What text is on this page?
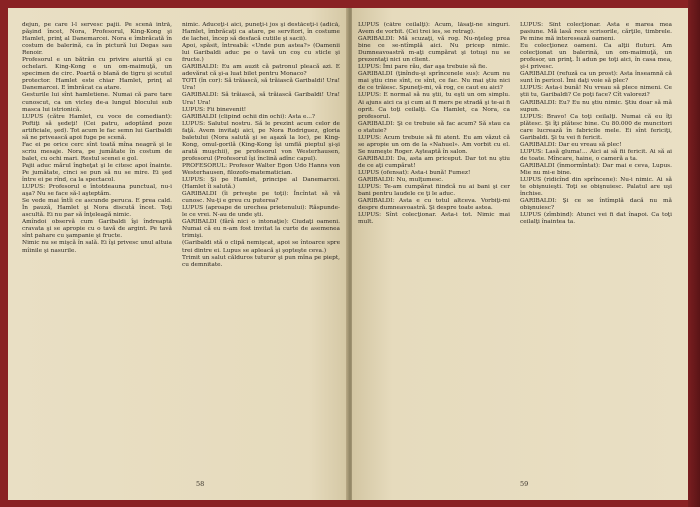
dejun, pe care l-l servesc pajii. Pe scenă intră, păşind încet, Nora, Profesorul, King-Kong şi Hamlet, prinţ al Danemarcei. Nora e îmbrăcată în costum de balerină, ca în pictură lui Degas sau Renoir.

Profesorul e un bătrân cu privire aiurită şi cu ochelari. King-Kong e un om-maimuţă, un specimen de circ. Poartă o blană de tigru şi scutul protector. Hamlet este chiar Hamlet, prinţ al Danemarcei. E îmbrăcat ca atare.

Gesturile lui sînt hamletiene. Numai că pare tare cunoscut, ca un vicleş de-a lungul blocului sub masca lui istrionică.

LUPUS (către Hamlet, cu voce de comediant): Poftiţi să şedeţi! (Cei patru, adoptând poze artificiale, şed). Tot acum le fac semn lui Garibaldi să ne privească apoi fuge pe scenă.

Fac ei pe orice cerc sînt toată mîna neagră şi le scriu mesaje. Nora, pe jumătate în costum de balet, cu ochi mari. Restul scenei e gol.

Pajii aduc mărul îngheţat şi le citesc apoi înainte. Pe jumătate, cinci se pun să nu se mire. Ei şed între ei pe rînd, ca la spectacol.

LUPUS: Profesorul e întotdeauna punctual, nu-i aşa? Nu se face să-l aşteptăm.

Se vede mai întîi ce ascunde peruca. E prea cald. În pauză, Hamlet şi Nora discută încet. Toţi ascultă. Ei nu par să înţeleagă nimic.

Amîndoi observă cum Garibaldi îşi îndreaptă cravata şi se apropie cu o tavă de argint. Pe tavă sînt pahare cu şampanie şi fructe.

Nimic nu se mişcă în sală. Ei îşi privesc unul altuia mîinile şi nasurile.

nimic. Aduceţi-i aici, puneţi-i jos şi destăceţi-i (adică, Hamlet, îmbrăcaţi ca atare, pe servitori, în costume de lachei, încep să desfacă cutiile şi sacii).

Apoi, spăsit, întreabă: «Unde pun astea?» (Oamenii lui Garibaldi aduc pe o tavă un coş cu sticle şi fructe.)

GARIBALDI: Eu am auzit că patronul pleacă azi. E adevărat că şi-a luat bilet pentru Monaco?

TOTI (în cor): Să trăiască, să trăiască Garibaldi! Ura! Ura!

GARIBALDI: Să trăiască, să trăiască Garibaldi! Ura! Ura! Ura!

LUPUS: Fii binevenit!

GARIBALDI (clipind ochii din ochi): Asta e...?

LUPUS: Salutul nostru. Să le prezint acum celor de faţă. Avem invitaţi aici, pe Nora Rodriguez, gloria baletului (Nora salută şi se aşază la loc), pe King-Kong, omul-gorilă (King-Kong îşi umflă pieptul şi-şi arată muşchii), pe profesorul von Westerhausen, profesorul (Profesorul îşi înclină adînc capul).

PROFESORUL: Profesor Walter Egon Udo Hanns von Westerhausen, filozofo-matematician.

LUPUS: Şi pe Hamlet, principe al Danemarcei. (Hamlet îi salută.)

GARIBALDI (îi priveşte pe toţi): Încîntat să vă cunosc. Nu-ţi e greu cu puterea?

LUPUS (aproape de urechea prietenului): Răspunde-le ce vrei. N-au de unde şti.

GARIBALDI (fără nici o intonaţie): Ciudaţi oameni. Numai că eu n-am fost invitat la curte de asemenea trimişi.

(Garibaldi stă o clipă nemişcat, apoi se întoarce spre trei dintre ei. Lupus se apleacă şi şopteşte ceva.)

Trimit un salut călduros tuturor şi pun mîna pe piept, cu demnitate.

58

LUPUS (către ceilalţi): Acum, lăsaţi-ne singuri. Avem de vorbit. (Cei trei ies, se retrag).

GARIBALDI: Mă scuzaţi, vă rog. Nu-nţeleg prea bine ce se-ntîmplă aici. Nu pricep nimic. Dumneavoastră m-aţi cumpărat şi totuşi nu se prezentaţi nici un client.

LUPUS: Îmi pare rău, dar aşa trebuie să fie.

GARIBALDI (ţinîndu-şi sprîncenele sus): Acum nu mai ştiu cine sînt, ce sînt, ce fac. Nu mai ştiu nici de ce trăiesc. Spuneţi-mi, vă rog, ce caut eu aici?

LUPUS: E normal să nu ştii, tu eşti un om simplu. Ai ajuns aici ca şi cum ai fi mers pe stradă şi te-ai fi oprit. Ca toţi ceilalţi. Ca Hamlet, ca Nora, ca profesorul.

GARIBALDI: Şi ce trebuie să fac acum? Să stau ca o statuie?

LUPUS: Acum trebuie să fii atent. Eu am văzut că se apropie un om de la «Nahuel». Am vorbit cu el. Se numeşte Roger. Aşteaptă în salon.

GARIBALDI: Da, asta am priceput. Dar tot nu ştiu de ce aţi cumpărat!

LUPUS (ofensat): Asta-i bună! Fumez!

GARIBALDI: Nu, mulţumesc.

LUPUS: Te-am cumpărat fiindcă nu ai bani şi cer bani pentru laudele ce ţi le aduc.

GARIBALDI: Asta e cu totul altceva. Vorbiţi-mi despre dumneavoastră. Şi despre toate astea.

LUPUS: Sînt colecţionar. Asta-i tot. Nimic mai mult.

LUPUS: Sînt colecţionar. Asta e marea mea pasiune. Mă lasă rece scrisorile, cărţile, timbrele. Pe mine mă interesează oameni.

Eu colecţionez oameni. Ca alţii fluturi. Am colecţionat un balerină, un om-maimuţă, un profesor, un prinţ. Îi adun pe toţi aici, în casa mea, şi-i privesc.

GARIBALDI (refuză ca un prost): Asta înseamnă că sunt în pericol. Îmi daţi voie să plec?

LUPUS: Asta-i bună! Nu vreau să plece nimeni. Ce ştii tu, Garibaldi? Ce poţi face? Cît valorezi?

GARIBALDI: Eu? Eu nu ştiu nimic. Ştiu doar să mă supun.

LUPUS: Bravo! Ca toţi ceilalţi. Numai că eu îţi plătesc. Şi îţi plătesc bine. Cu 80.000 de muncitori care lucrează în fabricile mele. Ei sînt fericiţi, Garibaldi. Şi tu vei fi fericit.

GARIBALDI: Dar eu vreau să plec!

LUPUS: Lasă gluma!... Aici ai să fii fericit. Ai să ai de toate. Mîncare, haine, o cameră a ta.

GARIBALDI (înmormîntat): Dar mai e ceva, Lupus. Mie nu mi-e bine.

LUPUS (ridicînd din sprîncene): Nu-i nimic. Ai să te obişnuieşti. Toţi se obişnuiesc. Palatul are uşi închise.

GARIBALDI: Şi ce se întîmplă dacă nu mă obişnuiesc?

LUPUS (zîmbind): Atunci vei fi dat înapoi. Ca toţi ceilalţi înaintea ta.

59
